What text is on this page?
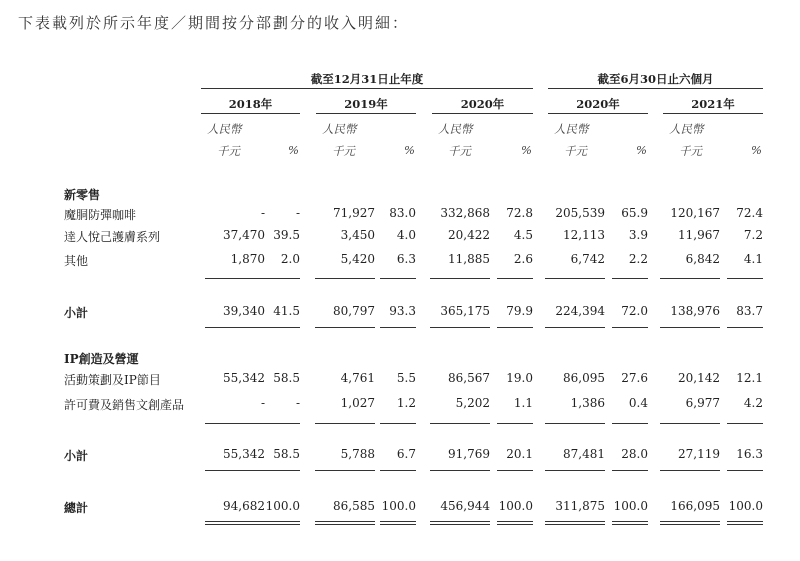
下表載列於所示年度／期間按分部劃分的收入明細：
截至12月31日止年度	截至6月30日止六個月
2018年	2019年	2020年	2020年	2021年
人民幣
千元	%
人民幣
千元	%
人民幣
千元	%
人民幣
千元	%
人民幣
千元	%
新零售
魔胴防彈咖啡	-	-	71,927	83.0	332,868	72.8	205,539	65.9	120,167	72.4
逹人悅己護膚系列	37,470 39.5	3,450	4.0	20,422	4.5	12,113	3.9	11,967	7.2
其他	1,870	2.0	5,420	6.3	11,885	2.6	6,742	2.2	6,842	4.1
小計	39,340 41.5	80,797	93.3	365,175	79.9	224,394	72.0	138,976	83.7
IP創造及營運
活動策劃及IP節目	55,342 58.5	4,761	5.5	86,567	19.0	86,095	27.6	20,142	12.1
許可費及銷售文創產品	-	-	1,027	1.2	5,202	1.1	1,386	0.4	6,977	4.2
小計	55,342 58.5	5,788	6.7	91,769	20.1	87,481	28.0	27,119	16.3
總計	94,682 100.0	86,585 100.0	456,944 100.0	311,875 100.0	166,095 100.0
